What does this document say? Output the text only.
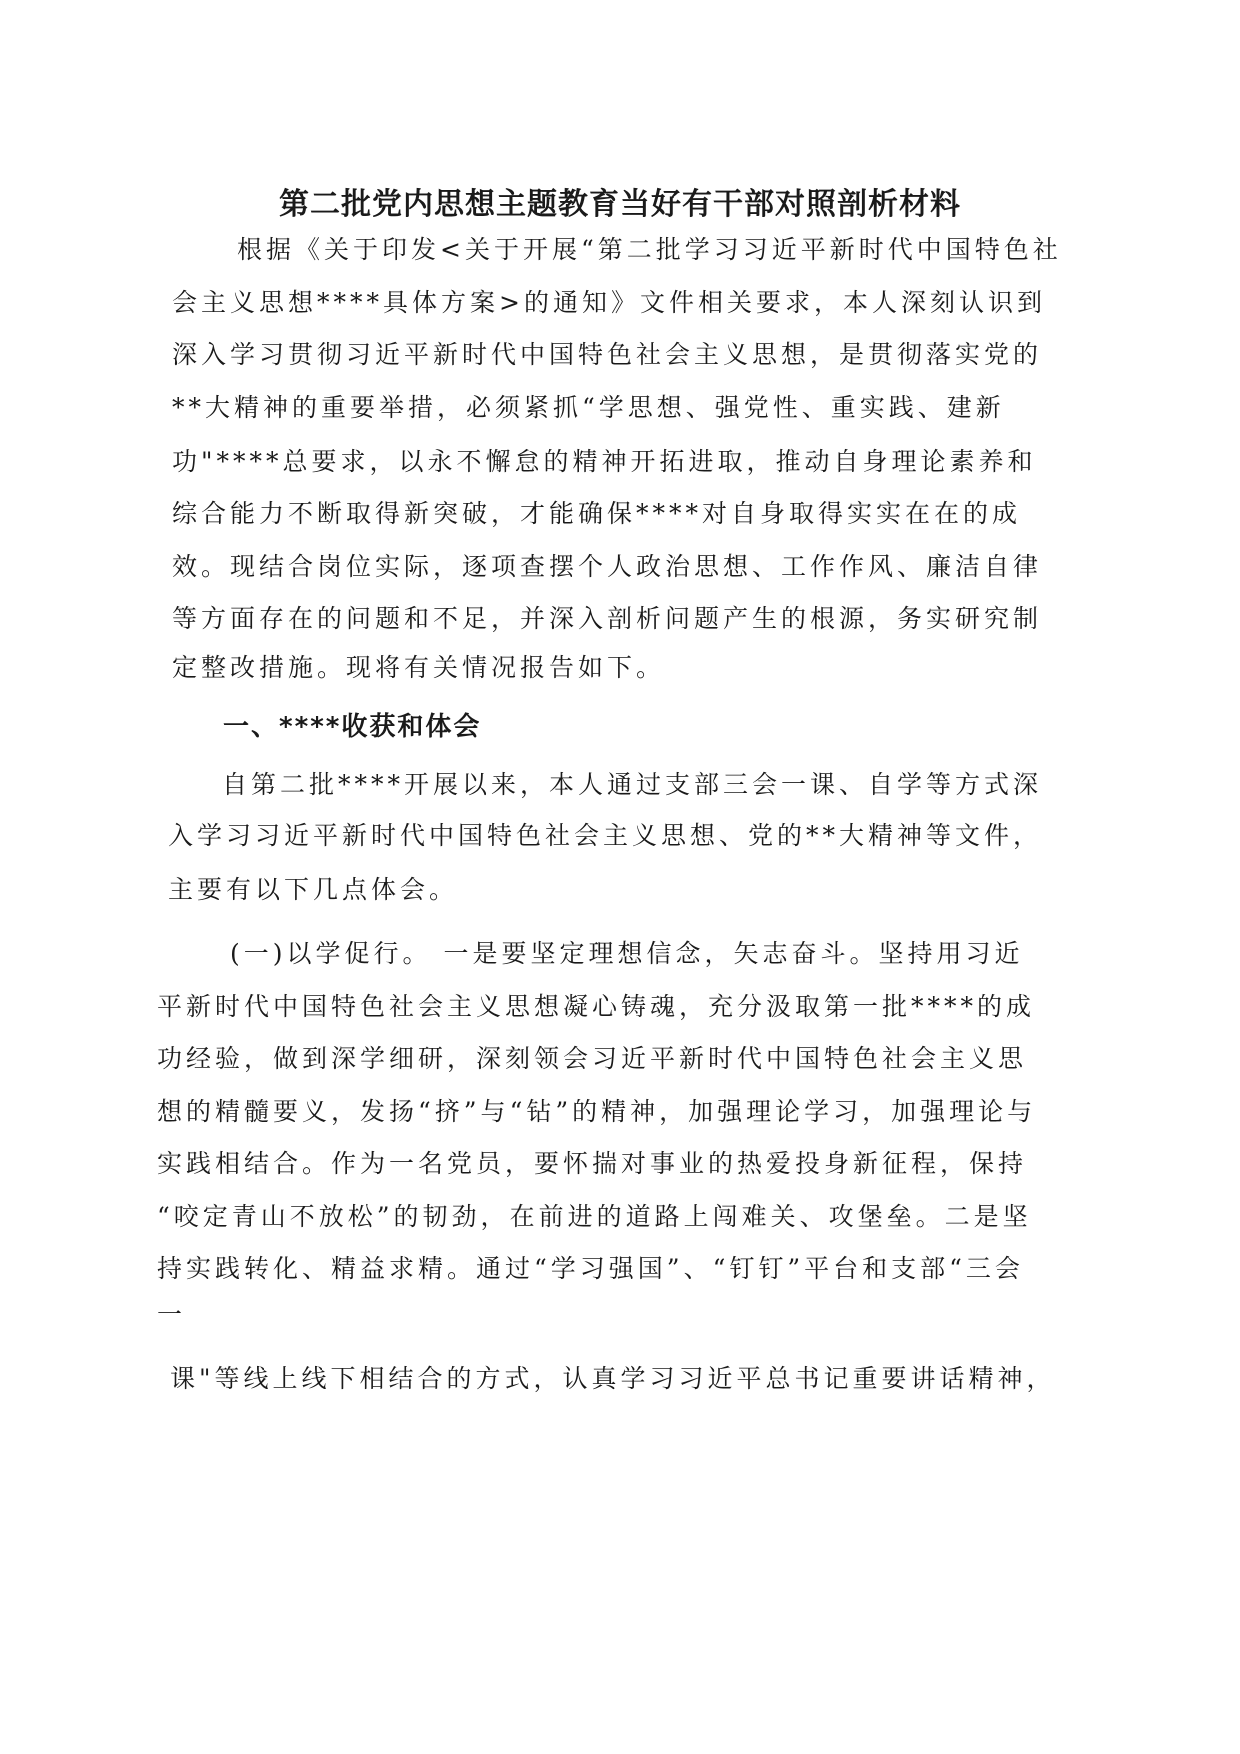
第二批党内思想主题教育当好有干部对照剖析材料

根据《关于印发<关于开展“第二批学习习近平新时代中国特色社

会主义思想****具体方案>的通知》文件相关要求，本人深刻认识到

深入学习贯彻习近平新时代中国特色社会主义思想，是贯彻落实党的

**大精神的重要举措，必须紧抓“学思想、强党性、重实践、建新

功"****总要求，以永不懈怠的精神开拓进取，推动自身理论素养和

综合能力不断取得新突破，才能确保****对自身取得实实在在的成

效。现结合岗位实际，逐项查摆个人政治思想、工作作风、廉洁自律

等方面存在的问题和不足，并深入剖析问题产生的根源，务实研究制

定整改措施。现将有关情况报告如下。

一、****收获和体会

自第二批****开展以来，本人通过支部三会一课、自学等方式深

入学习习近平新时代中国特色社会主义思想、党的**大精神等文件，

主要有以下几点体会。

(一)以学促行。 一是要坚定理想信念，矢志奋斗。坚持用习近

平新时代中国特色社会主义思想凝心铸魂，充分汲取第一批****的成

功经验，做到深学细研，深刻领会习近平新时代中国特色社会主义思

想的精髓要义，发扬“挤”与“钻”的精神，加强理论学习，加强理论与

实践相结合。作为一名党员，要怀揣对事业的热爱投身新征程，保持

“咬定青山不放松”的韧劲，在前进的道路上闯难关、攻堡垒。二是坚

持实践转化、精益求精。通过“学习强国”、“钉钉”平台和支部“三会

一

课"等线上线下相结合的方式，认真学习习近平总书记重要讲话精神，
